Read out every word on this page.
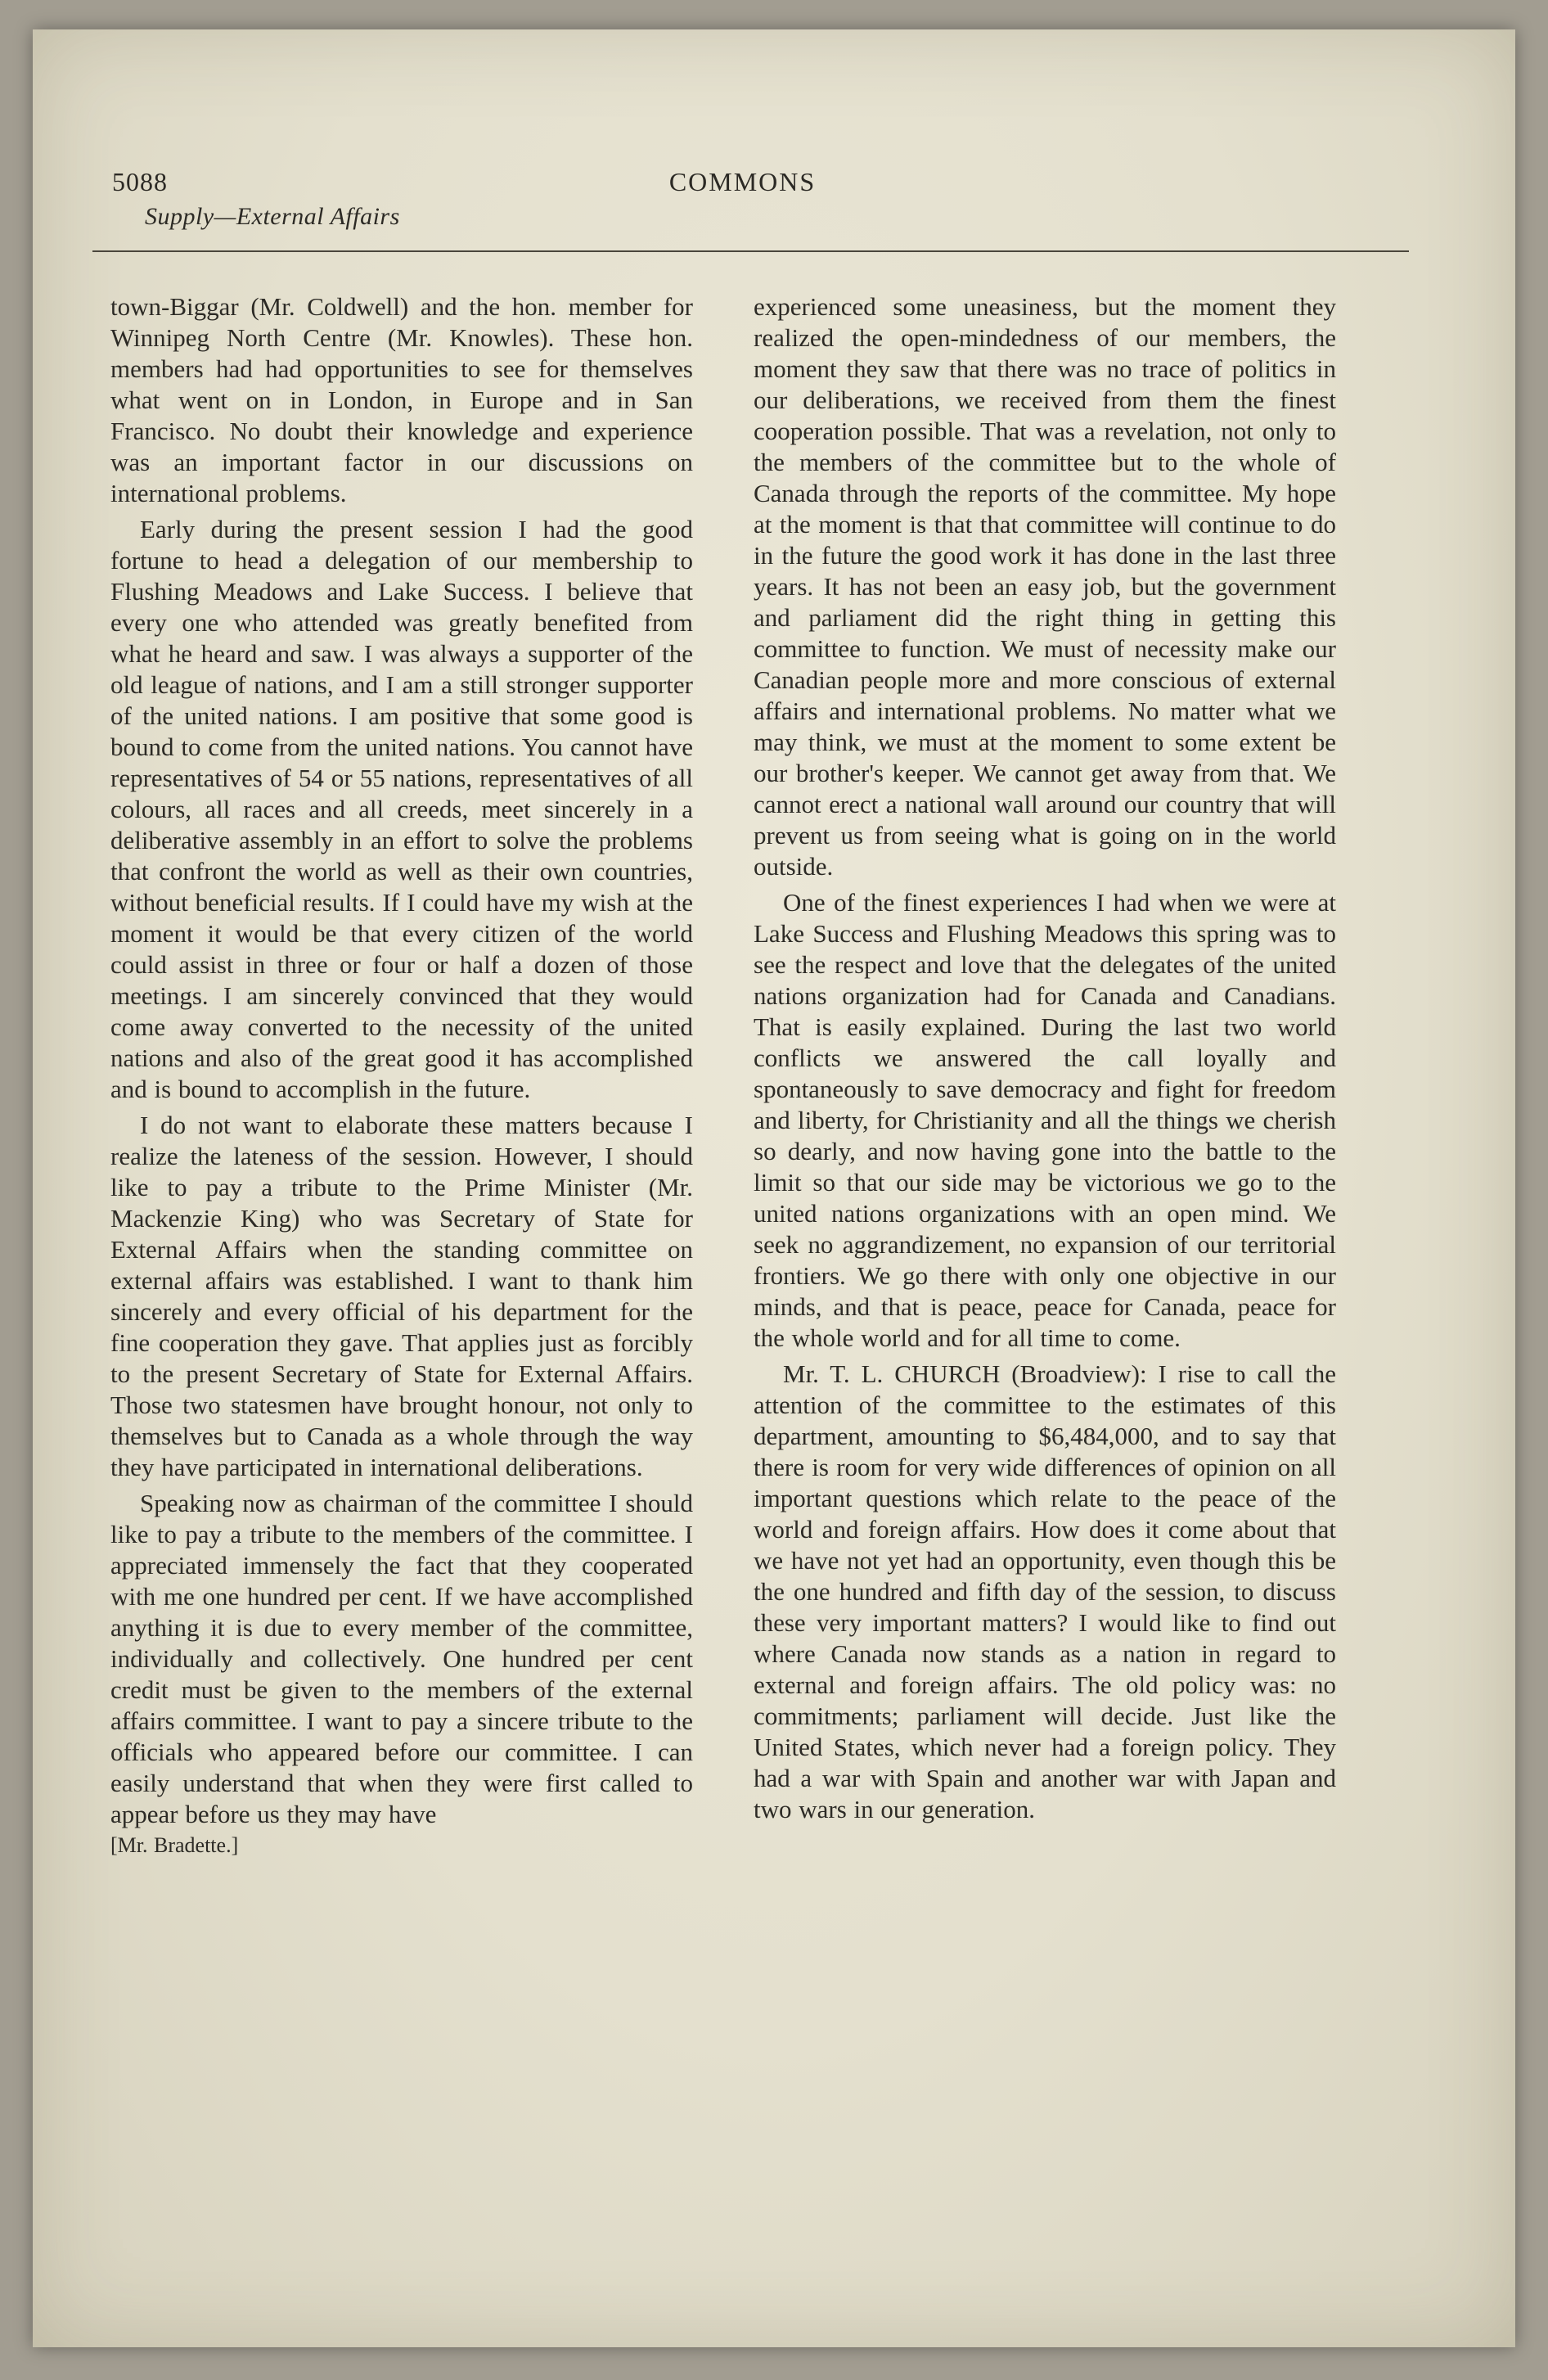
5088	COMMONS
Supply—External Affairs

town-Biggar (Mr. Coldwell) and the hon. member for Winnipeg North Centre (Mr. Knowles). These hon. members had had opportunities to see for themselves what went on in London, in Europe and in San Francisco. No doubt their knowledge and experience was an important factor in our discussions on international problems.

Early during the present session I had the good fortune to head a delegation of our membership to Flushing Meadows and Lake Success. I believe that every one who attended was greatly benefited from what he heard and saw. I was always a supporter of the old league of nations, and I am a still stronger supporter of the united nations. I am positive that some good is bound to come from the united nations. You cannot have representatives of 54 or 55 nations, representatives of all colours, all races and all creeds, meet sincerely in a deliberative assembly in an effort to solve the problems that confront the world as well as their own countries, without beneficial results. If I could have my wish at the moment it would be that every citizen of the world could assist in three or four or half a dozen of those meetings. I am sincerely convinced that they would come away converted to the necessity of the united nations and also of the great good it has accomplished and is bound to accomplish in the future.

I do not want to elaborate these matters because I realize the lateness of the session. However, I should like to pay a tribute to the Prime Minister (Mr. Mackenzie King) who was Secretary of State for External Affairs when the standing committee on external affairs was established. I want to thank him sincerely and every official of his department for the fine cooperation they gave. That applies just as forcibly to the present Secretary of State for External Affairs. Those two statesmen have brought honour, not only to themselves but to Canada as a whole through the way they have participated in international deliberations.

Speaking now as chairman of the committee I should like to pay a tribute to the members of the committee. I appreciated immensely the fact that they cooperated with me one hundred per cent. If we have accomplished anything it is due to every member of the committee, individually and collectively. One hundred per cent credit must be given to the members of the external affairs committee. I want to pay a sincere tribute to the officials who appeared before our committee. I can easily understand that when they were first called to appear before us they may have

[Mr. Bradette.]

experienced some uneasiness, but the moment they realized the open-mindedness of our members, the moment they saw that there was no trace of politics in our deliberations, we received from them the finest cooperation possible. That was a revelation, not only to the members of the committee but to the whole of Canada through the reports of the committee. My hope at the moment is that that committee will continue to do in the future the good work it has done in the last three years. It has not been an easy job, but the government and parliament did the right thing in getting this committee to function. We must of necessity make our Canadian people more and more conscious of external affairs and international problems. No matter what we may think, we must at the moment to some extent be our brother's keeper. We cannot get away from that. We cannot erect a national wall around our country that will prevent us from seeing what is going on in the world outside.

One of the finest experiences I had when we were at Lake Success and Flushing Meadows this spring was to see the respect and love that the delegates of the united nations organization had for Canada and Canadians. That is easily explained. During the last two world conflicts we answered the call loyally and spontaneously to save democracy and fight for freedom and liberty, for Christianity and all the things we cherish so dearly, and now having gone into the battle to the limit so that our side may be victorious we go to the united nations organizations with an open mind. We seek no aggrandizement, no expansion of our territorial frontiers. We go there with only one objective in our minds, and that is peace, peace for Canada, peace for the whole world and for all time to come.

Mr. T. L. CHURCH (Broadview): I rise to call the attention of the committee to the estimates of this department, amounting to $6,484,000, and to say that there is room for very wide differences of opinion on all important questions which relate to the peace of the world and foreign affairs. How does it come about that we have not yet had an opportunity, even though this be the one hundred and fifth day of the session, to discuss these very important matters? I would like to find out where Canada now stands as a nation in regard to external and foreign affairs. The old policy was: no commitments; parliament will decide. Just like the United States, which never had a foreign policy. They had a war with Spain and another war with Japan and two wars in our generation.
